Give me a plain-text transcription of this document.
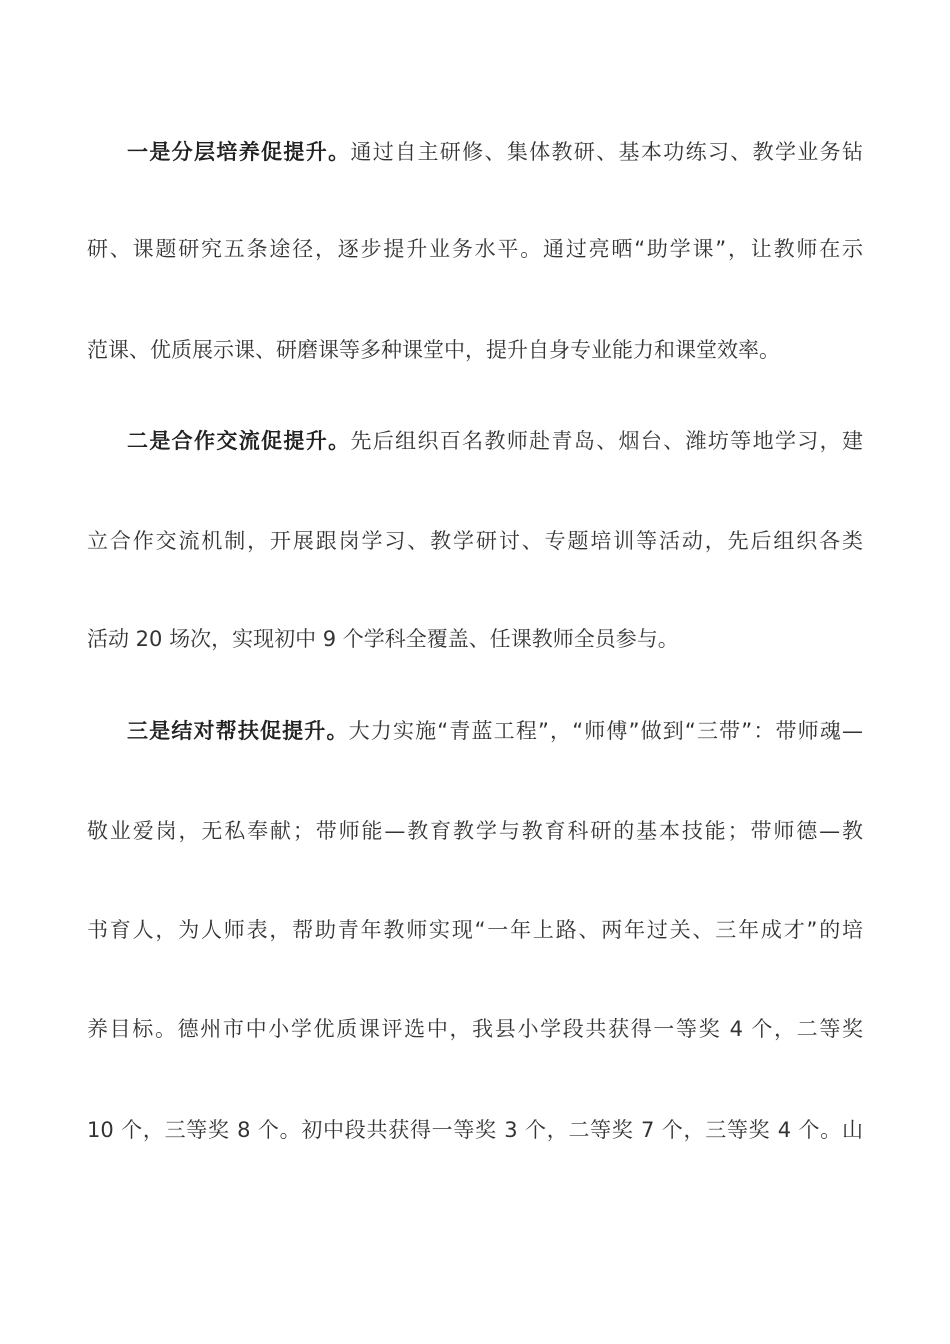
一是分层培养促提升。通过自主研修、集体教研、基本功练习、教学业务钻
研、课题研究五条途径，逐步提升业务水平。通过亮晒“助学课”，让教师在示
范课、优质展示课、研磨课等多种课堂中，提升自身专业能力和课堂效率。
二是合作交流促提升。先后组织百名教师赴青岛、烟台、潍坊等地学习，建
立合作交流机制，开展跟岗学习、教学研讨、专题培训等活动，先后组织各类
活动 20 场次，实现初中 9 个学科全覆盖、任课教师全员参与。
三是结对帮扶促提升。大力实施“青蓝工程”，“师傅”做到“三带”：带师魂—
敬业爱岗，无私奉献；带师能—教育教学与教育科研的基本技能；带师德—教
书育人，为人师表，帮助青年教师实现“一年上路、两年过关、三年成才”的培
养目标。德州市中小学优质课评选中，我县小学段共获得一等奖 4 个，二等奖
10 个，三等奖 8 个。初中段共获得一等奖 3 个，二等奖 7 个，三等奖 4 个。山
